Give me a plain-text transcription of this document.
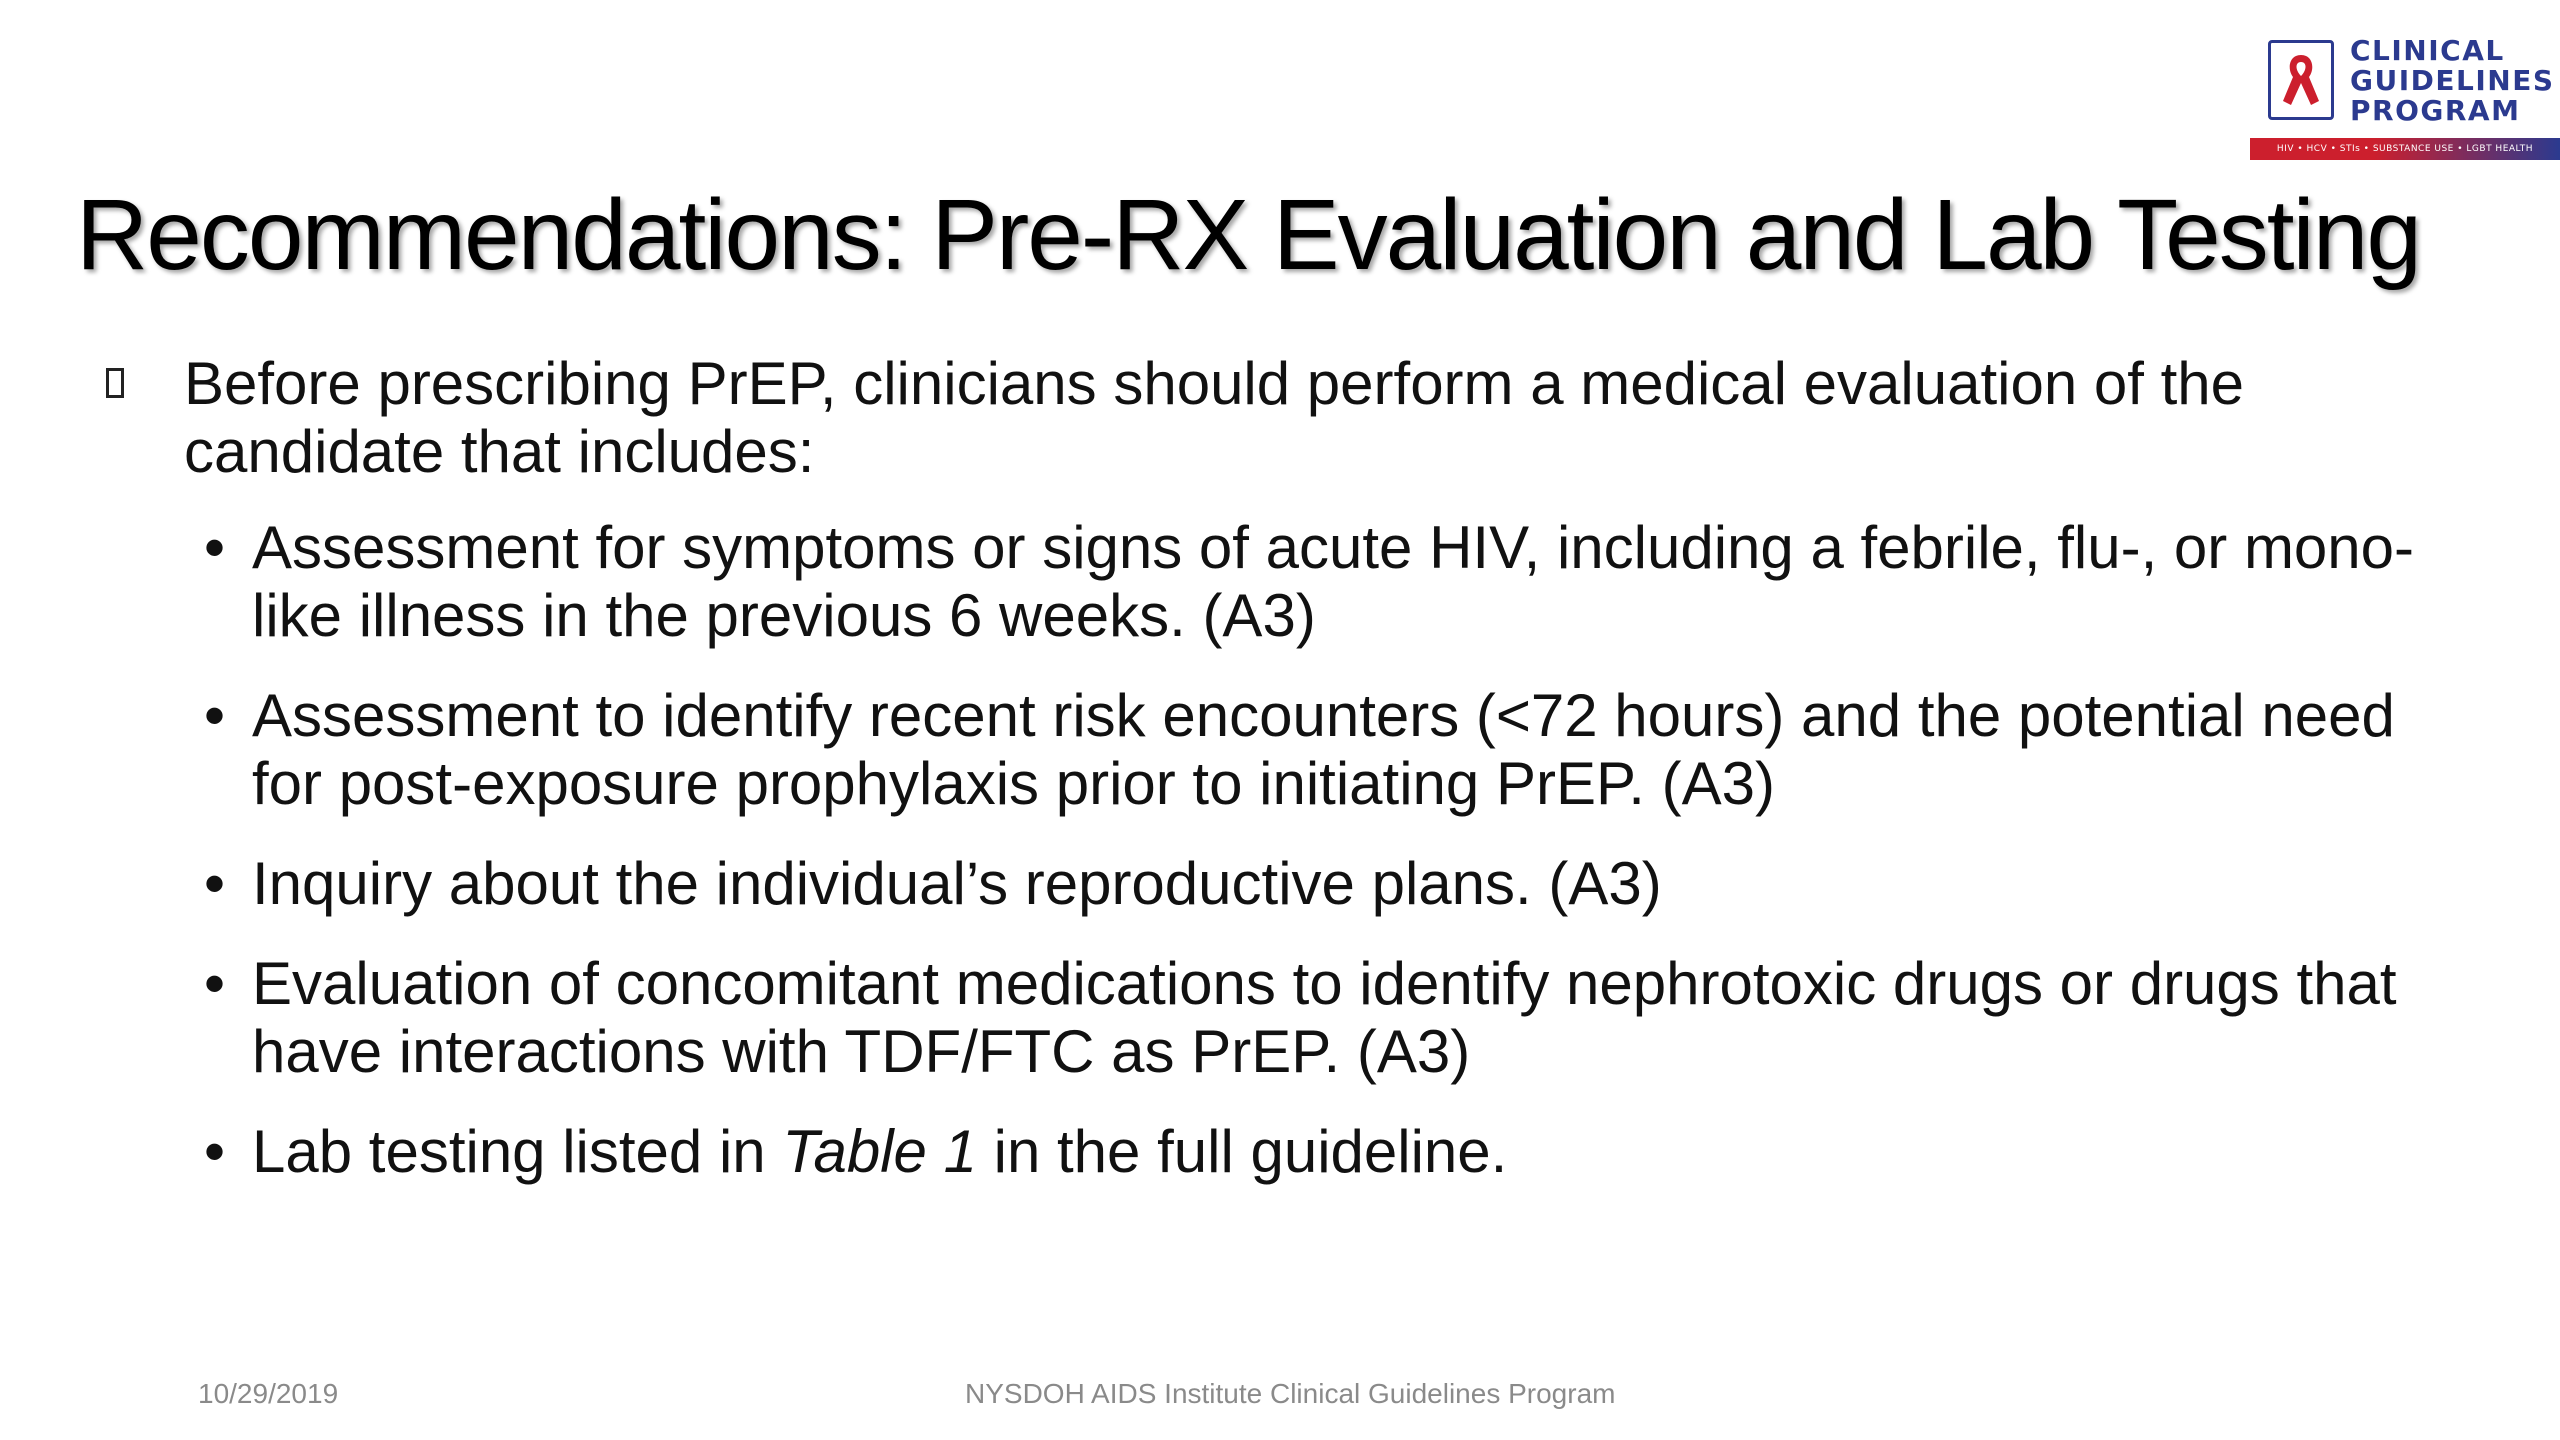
CLINICAL
GUIDELINES
PROGRAM
HIV • HCV • STIs • SUBSTANCE USE • LGBT HEALTH
Recommendations: Pre-RX Evaluation and Lab Testing
Before prescribing PrEP, clinicians should perform a medical evaluation of the candidate that includes:
• Assessment for symptoms or signs of acute HIV, including a febrile, flu-, or mono-like illness in the previous 6 weeks. (A3)
• Assessment to identify recent risk encounters (<72 hours) and the potential need for post-exposure prophylaxis prior to initiating PrEP. (A3)
• Inquiry about the individual’s reproductive plans. (A3)
• Evaluation of concomitant medications to identify nephrotoxic drugs or drugs that have interactions with TDF/FTC as PrEP. (A3)
• Lab testing listed in Table 1 in the full guideline.
10/29/2019	NYSDOH AIDS Institute Clinical Guidelines Program
